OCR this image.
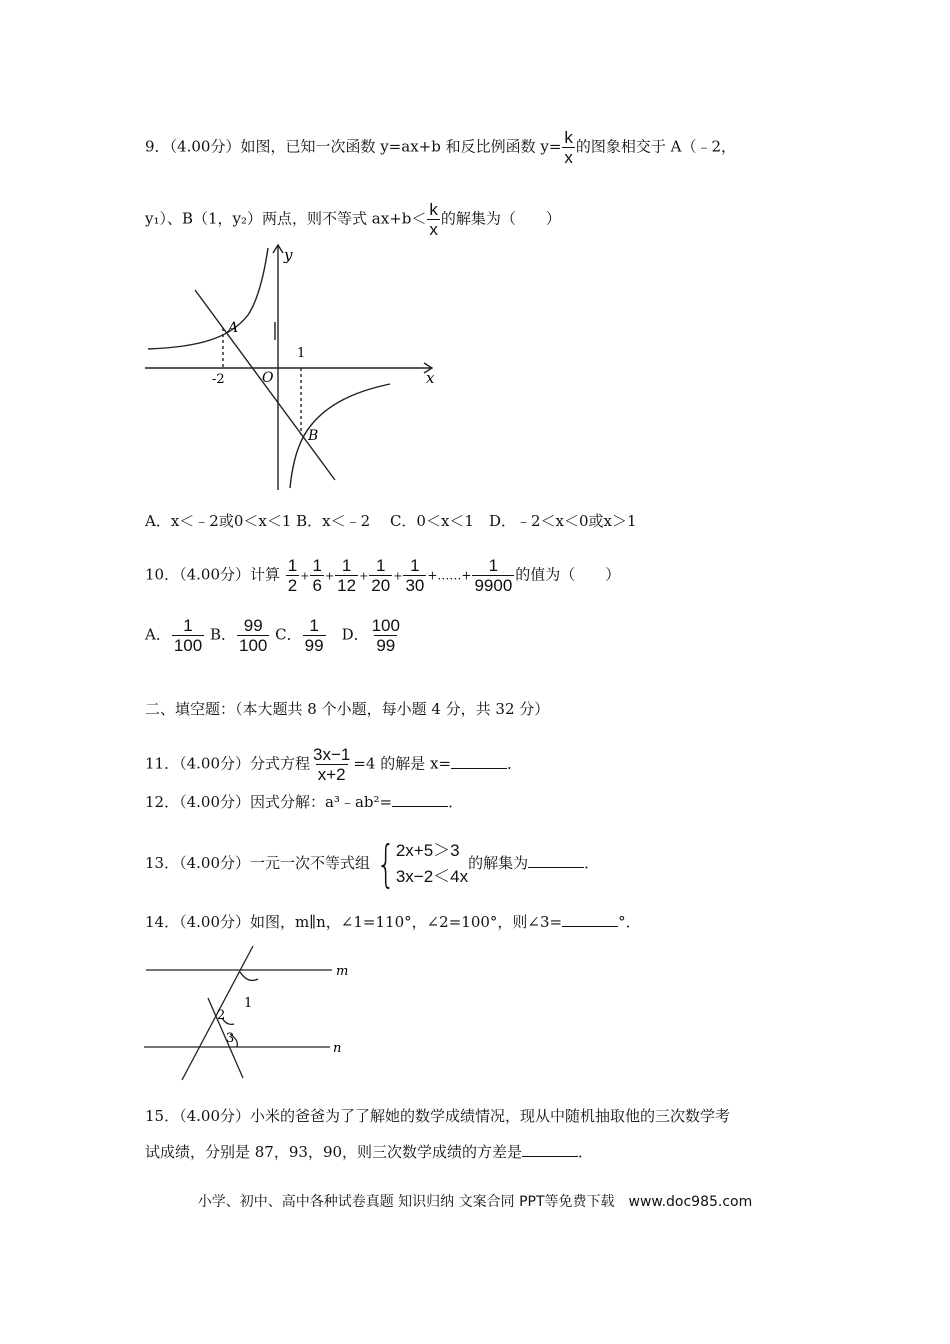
9．（4.00分）如图，已知一次函数 y=ax+b 和反比例函数 $y= \frac{k}{x}$ 的图象相交于 A（﹣2，
y₁）、B（1，y₂）两点，则不等式 $ax+b< \frac{k}{x}$ 的解集为（　　）
y
x
A
B
O
-2
1
A．x＜﹣2或0＜x＜1 B．x＜﹣2　 C．0＜x＜1　D．﹣2＜x＜0或x＞1
10．（4.00分）计算 $\frac{1}{2} + \frac{1}{6} + \frac{1}{12} + \frac{1}{20} + \frac{1}{30}$ +……+ $\frac{1}{9900}$ 的值为（　　）
A． $\frac{1}{100}$ B． $\frac{99}{100}$ C． $\frac{1}{99}$ 　D． $\frac{100}{99}$
二、填空题：（本大题共 8 个小题，每小题 4 分，共 32 分）
11．（4.00分）分式方程 $\frac{3x-1}{x+2} =4$ 的解是 x=	．
12．（4.00分）因式分解：a³﹣ab²=	．
13．（4.00分）一元一次不等式组 { 2x+5＞3
3x−2＜4x
的解集为	．
14．（4.00分）如图，m∥n，∠1=110°，∠2=100°，则∠3=	°．
m
n
1
2
3
15．（4.00分）小米的爸爸为了了解她的数学成绩情况，现从中随机抽取他的三次数学考
试成绩，分别是 87，93，90，则三次数学成绩的方差是	．
小学、初中、高中各种试卷真题 知识归纳 文案合同 PPT等免费下载　www.doc985.com
